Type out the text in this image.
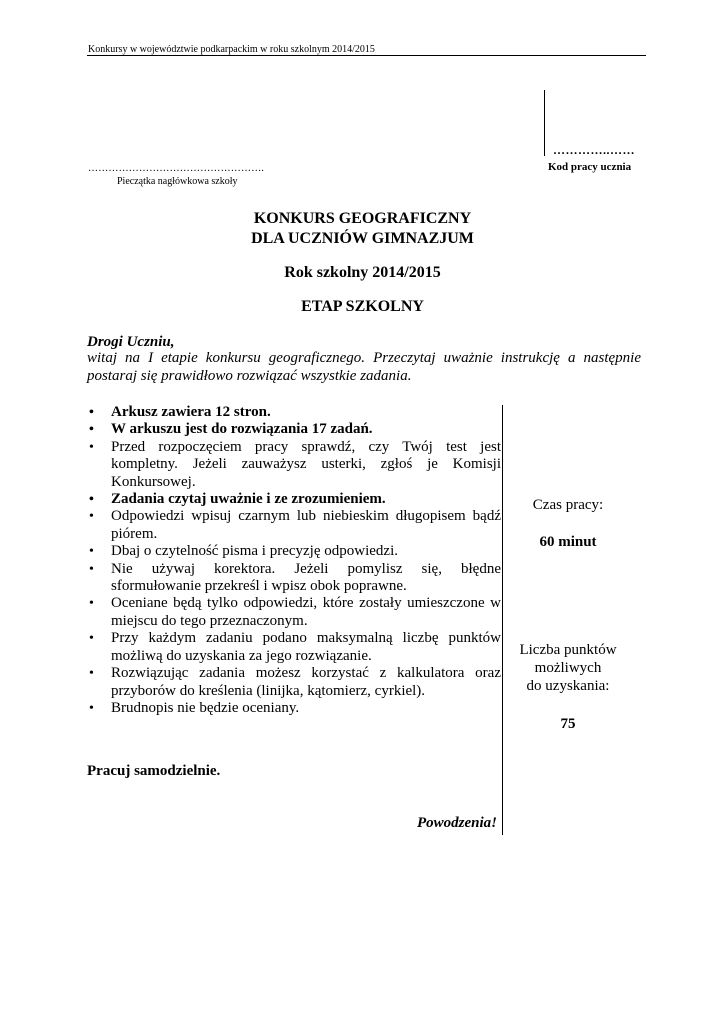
Konkursy w województwie podkarpackim w roku szkolnym 2014/2015
…………..……
Kod pracy ucznia
…………………………………………….
Pieczątka nagłówkowa szkoły
KONKURS GEOGRAFICZNY
DLA UCZNIÓW GIMNAZJUM
Rok szkolny 2014/2015
ETAP SZKOLNY
Drogi Uczniu,
witaj na I etapie konkursu geograficznego. Przeczytaj uważnie instrukcję a następnie postaraj się prawidłowo rozwiązać wszystkie zadania.
• Arkusz zawiera 12 stron.
• W arkuszu jest do rozwiązania 17 zadań.
• Przed rozpoczęciem pracy sprawdź, czy Twój test jest kompletny. Jeżeli zauważysz usterki, zgłoś je Komisji Konkursowej.
• Zadania czytaj uważnie i ze zrozumieniem.
• Odpowiedzi wpisuj czarnym lub niebieskim długopisem bądź piórem.
• Dbaj o czytelność pisma i precyzję odpowiedzi.
• Nie używaj korektora. Jeżeli pomylisz się, błędne sformułowanie przekreśl i wpisz obok poprawne.
• Oceniane będą tylko odpowiedzi, które zostały umieszczone w miejscu do tego przeznaczonym.
• Przy każdym zadaniu podano maksymalną liczbę punktów możliwą do uzyskania za jego rozwiązanie.
• Rozwiązując zadania możesz korzystać z kalkulatora oraz przyborów do kreślenia (linijka, kątomierz, cyrkiel).
• Brudnopis nie będzie oceniany.
Czas pracy:
60 minut
Liczba punktów
możliwych
do uzyskania:
75
Pracuj samodzielnie.
Powodzenia!
